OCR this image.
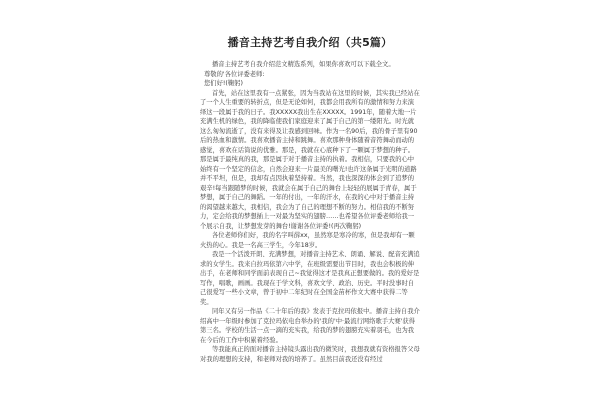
播音主持艺考自我介绍（共5篇）

播音主持艺考自我介绍范文精选系列，如果你喜欢可以下载全文。

尊敬的'各位评委老师:

您们好!(鞠躬)

首先，站在这里我有一点紧张，因为当我站在这里的时候，其实我已经站在了一个人生重要的转折点，但是无论如何，我都会用我所有的激情和努力来演绎这一段属于我的日子。我XXXXX我出生在XXXXX。1991年，随着大地一片充满生机的绿色，我的降临使我们家庭迎来了属于自己的第一缕阳光。时光就这么匆匆流逝了，没有来得及让我感到回味。作为一名90后，我的骨子里有90后的热血和激情。我喜欢播音主持和跳舞。喜欢那种身体随着音符舞动而动的感觉，喜欢在话筒说的优雅。那是，我就在心底种下了一颗属于梦想的种子。那是属于最纯真的我，那是属于对于播音主持的执着。我相信，只要我的心中始终有一个坚定的信念，自然会迎来一片最美的曙光!也许这条属于光明的道路并不平坦，但是，我却有点因执着坚持着。当然，我也深深的体会到了追梦的艰辛!每当跟随梦的时候，我就会在属于自己的舞台上轻轻的展属于青春，属于梦想，属于自己的舞蹈。一年的付出，一年的汗水，在我的心中对于播音主持的渴望越来越大，我相信，我会为了自己的理想不断的努力。相信我的不断努力，定会给我的梦想插上一对最为坚实的翅膀……也希望各位评委老师给我一个展示自我，让梦想发芽的舞台!谢谢各位评委!(再次鞠躬)

各位老师你们好，我的名字叫薛xx，虽然寒是寒冷的寒，但是我却有一颗火热的心。我是一名高三学生，今年18岁。

我是一个活泼开朗、充满梦想，对播音主持艺术、朗诵、解说、配音充满追求的女学生。我来自拉玛依第六中学，在班级需要出节目时，我也会积极的伸出手，在老师和同学面前表现自己~我觉得这才是我真正想要做的。我的爱好是写作，唱歌，画画。我现在于学文科，喜欢文学、政治、历史。平时没事时自己很爱写一些小文章，曾于初中二年纪时在全国金苗杯作文大赛中获得二等奖。

同年又有另一作品《二十年后的我》发表于克拉玛依报中。播音主持自我介绍高中一年级时参加了克拉玛依电台举办的'我的'中·最流行网络歌手大赛'获得第三名。学校的生活一点一滴的充实我，给我的梦的翅膀充实着羽毛，也为我在今后的工作中积累着经验。

等我能真正的面对播音主持镜头露出我的微笑时，我想我就有资格报答父母对我的理想的支持，和老师对我的培养了。虽然目前我还没有经过
